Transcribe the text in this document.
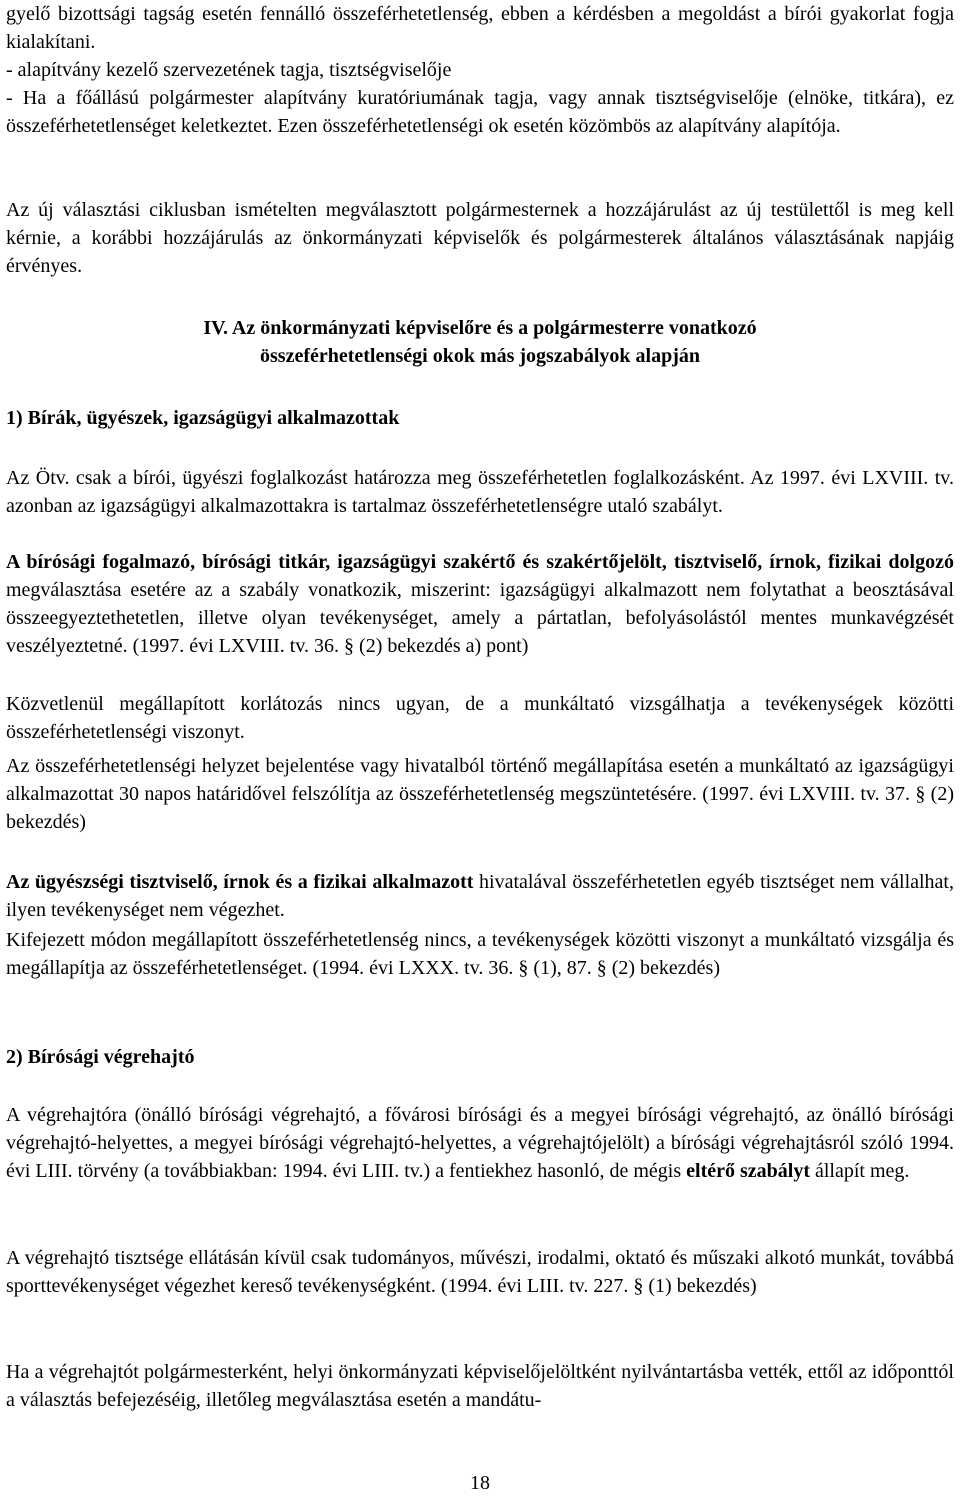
gyelő bizottsági tagság esetén fennálló összeférhetetlenség, ebben a kérdésben a megoldást a bírói gyakorlat fogja kialakítani.

- alapítvány kezelő szervezetének tagja, tisztségviselője

- Ha a főállású polgármester alapítvány kuratóriumának tagja, vagy annak tisztségviselője (elnöke, titkára), ez összeférhetetlenséget keletkeztet. Ezen összeférhetetlenségi ok esetén közömbös az alapítvány alapítója.

Az új választási ciklusban ismételten megválasztott polgármesternek a hozzájárulást az új testülettől is meg kell kérnie, a korábbi hozzájárulás az önkormányzati képviselők és polgármesterek általános választásának napjáig érvényes.

IV. Az önkormányzati képviselőre és a polgármesterre vonatkozó

összeférhetetlenségi okok más jogszabályok alapján

1) Bírák, ügyészek, igazságügyi alkalmazottak

Az Ötv. csak a bírói, ügyészi foglalkozást határozza meg összeférhetetlen foglalkozásként. Az 1997. évi LXVIII. tv. azonban az igazságügyi alkalmazottakra is tartalmaz összeférhetetlenségre utaló szabályt.

A bírósági fogalmazó, bírósági titkár, igazságügyi szakértő és szakértőjelölt, tisztviselő, írnok, fizikai dolgozó megválasztása esetére az a szabály vonatkozik, miszerint: igazságügyi alkalmazott nem folytathat a beosztásával összeegyeztethetetlen, illetve olyan tevékenységet, amely a pártatlan, befolyásolástól mentes munkavégzését veszélyeztetné. (1997. évi LXVIII. tv. 36. § (2) bekezdés a) pont)

Közvetlenül megállapított korlátozás nincs ugyan, de a munkáltató vizsgálhatja a tevékenységek közötti összeférhetetlenségi viszonyt.

Az összeférhetetlenségi helyzet bejelentése vagy hivatalból történő megállapítása esetén a munkáltató az igazságügyi alkalmazottat 30 napos határidővel felszólítja az összeférhetetlenség megszüntetésére. (1997. évi LXVIII. tv. 37. § (2) bekezdés)

Az ügyészségi tisztviselő, írnok és a fizikai alkalmazott hivatalával összeférhetetlen egyéb tisztséget nem vállalhat, ilyen tevékenységet nem végezhet.

Kifejezett módon megállapított összeférhetetlenség nincs, a tevékenységek közötti viszonyt a munkáltató vizsgálja és megállapítja az összeférhetetlenséget. (1994. évi LXXX. tv. 36. § (1), 87. § (2) bekezdés)

2) Bírósági végrehajtó

A végrehajtóra (önálló bírósági végrehajtó, a fővárosi bírósági és a megyei bírósági végrehajtó, az önálló bírósági végrehajtó-helyettes, a megyei bírósági végrehajtó-helyettes, a végrehajtójelölt) a bírósági végrehajtásról szóló 1994. évi LIII. törvény (a továbbiakban: 1994. évi LIII. tv.) a fentiekhez hasonló, de mégis eltérő szabályt állapít meg.

A végrehajtó tisztsége ellátásán kívül csak tudományos, művészi, irodalmi, oktató és műszaki alkotó munkát, továbbá sporttevékenységet végezhet kereső tevékenységként. (1994. évi LIII. tv. 227. § (1) bekezdés)

Ha a végrehajtót polgármesterként, helyi önkormányzati képviselőjelöltként nyilvántartásba vették, ettől az időponttól a választás befejezéséig, illetőleg megválasztása esetén a mandátu-

18
